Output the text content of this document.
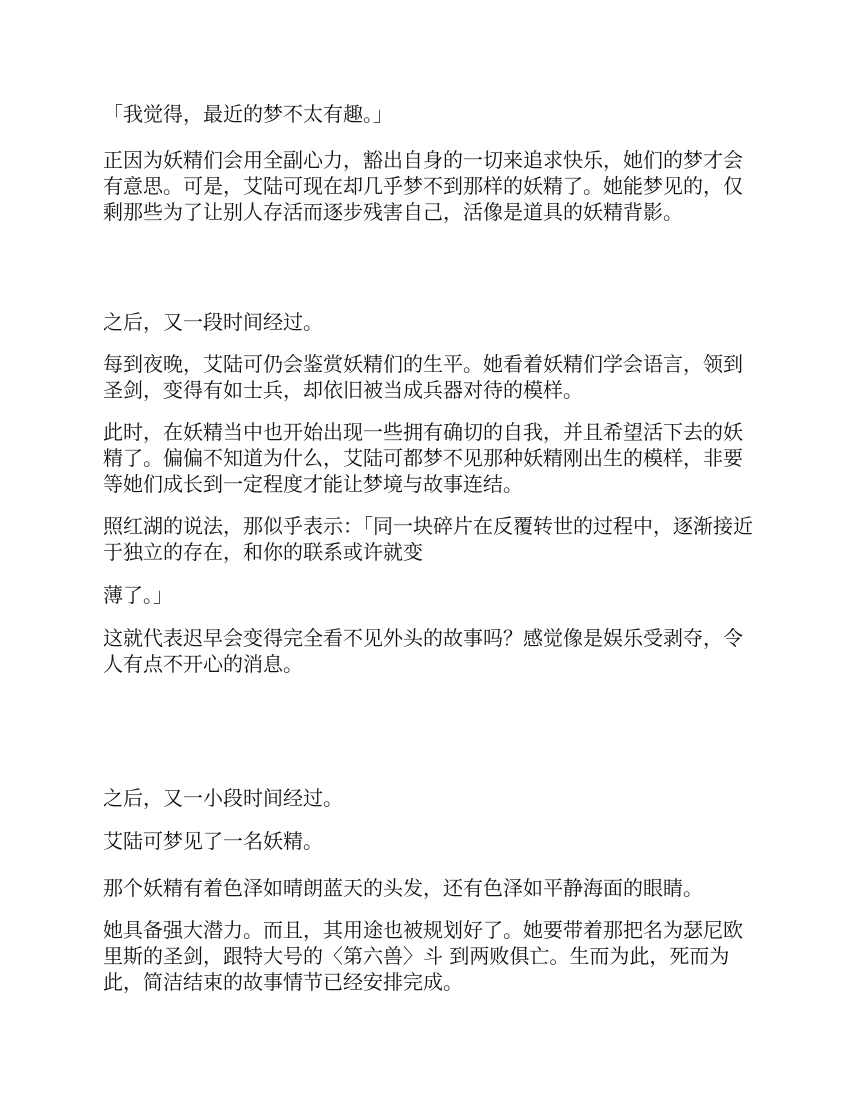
「我觉得，最近的梦不太有趣。」

正因为妖精们会用全副心力，豁出自身的一切来追求快乐，她们的梦才会有意思。可是，艾陆可现在却几乎梦不到那样的妖精了。她能梦见的，仅剩那些为了让别人存活而逐步残害自己，活像是道具的妖精背影。

之后，又一段时间经过。

每到夜晚，艾陆可仍会鉴赏妖精们的生平。她看着妖精们学会语言，领到圣剑，变得有如士兵，却依旧被当成兵器对待的模样。

此时，在妖精当中也开始出现一些拥有确切的自我，并且希望活下去的妖精了。偏偏不知道为什么，艾陆可都梦不见那种妖精刚出生的模样，非要等她们成长到一定程度才能让梦境与故事连结。

照红湖的说法，那似乎表示：「同一块碎片在反覆转世的过程中，逐渐接近于独立的存在，和你的联系或许就变

薄了。」

这就代表迟早会变得完全看不见外头的故事吗？感觉像是娱乐受剥夺，令人有点不开心的消息。

之后，又一小段时间经过。

艾陆可梦见了一名妖精。

那个妖精有着色泽如晴朗蓝天的头发，还有色泽如平静海面的眼睛。

她具备强大潜力。而且，其用途也被规划好了。她要带着那把名为瑟尼欧里斯的圣剑，跟特大号的〈第六兽〉斗 到两败俱亡。生而为此，死而为此，简洁结束的故事情节已经安排完成。
